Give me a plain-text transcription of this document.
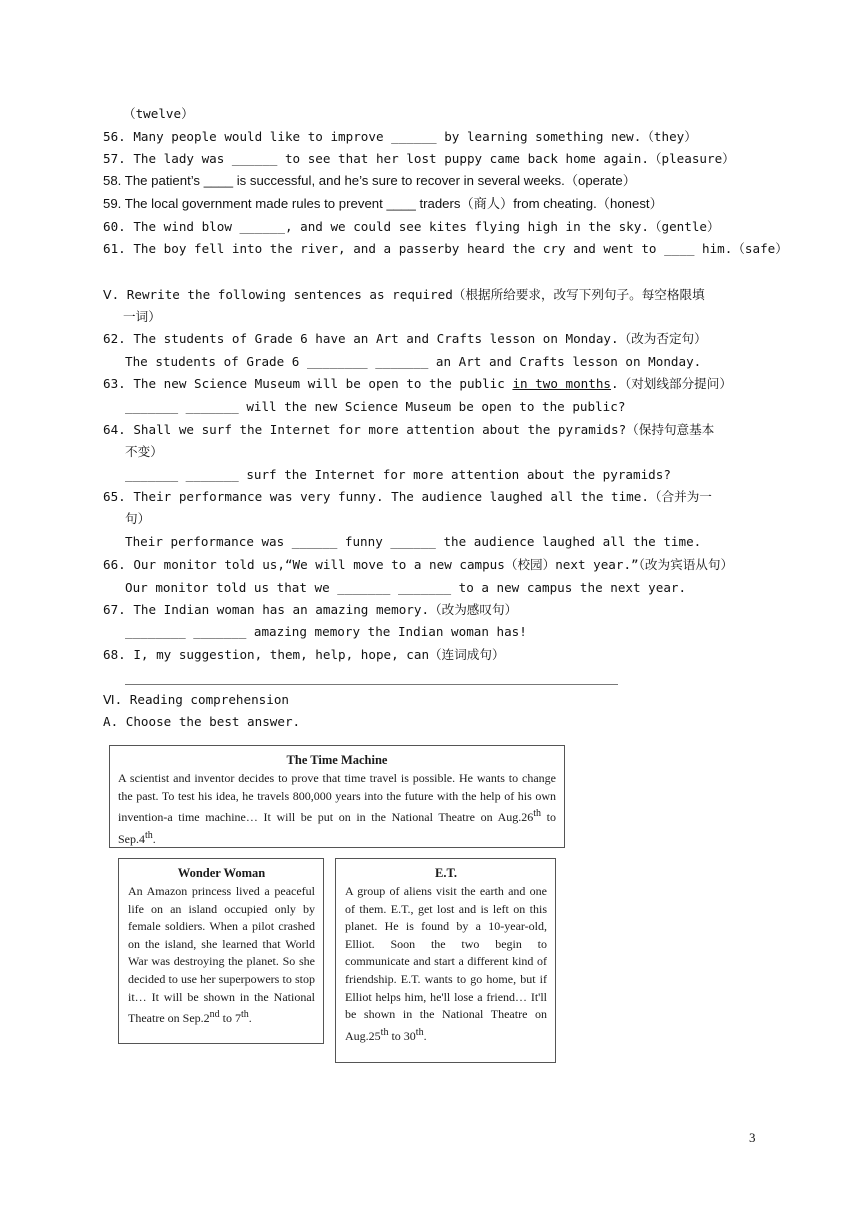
（twelve）
56. Many people would like to improve ______ by learning something new.（they）
57. The lady was ______ to see that her lost puppy came back home again.（pleasure）
58. The patient’s ____ is successful, and he’s sure to recover in several weeks.（operate）
59. The local government made rules to prevent ____ traders（商人）from cheating.（honest）
60. The wind blow ______, and we could see kites flying high in the sky.（gentle）
61. The boy fell into the river, and a passerby heard the cry and went to ____ him.（safe）
Ⅴ. Rewrite the following sentences as required（根据所给要求，改写下列句子。每空格限填
一词）
62. The students of Grade 6 have an Art and Crafts lesson on Monday.（改为否定句）
The students of Grade 6 ________ _______ an Art and Crafts lesson on Monday.
63. The new Science Museum will be open to the public in two months.（对划线部分提问）
_______ _______ will the new Science Museum be open to the public?
64. Shall we surf the Internet for more attention about the pyramids?（保持句意基本
不变）
_______ _______ surf the Internet for more attention about the pyramids?
65. Their performance was very funny. The audience laughed all the time.（合并为一
句）
Their performance was ______ funny ______ the audience laughed all the time.
66. Our monitor told us,“We will move to a new campus（校园）next year.”（改为宾语从句）
Our monitor told us that we _______ _______ to a new campus the next year.
67. The Indian woman has an amazing memory.（改为感叹句）
________ _______ amazing memory the Indian woman has!
68. I, my suggestion, them, help, hope, can（连词成句）
Ⅵ. Reading comprehension
A. Choose the best answer.
The Time Machine
A scientist and inventor decides to prove that time travel is possible. He wants to change the past. To test his idea, he travels 800,000 years into the future with the help of his own invention-a time machine… It will be put on in the National Theatre on Aug.26th to Sep.4th.
Wonder Woman
An Amazon princess lived a peaceful life on an island occupied only by female soldiers. When a pilot crashed on the island, she learned that World War was destroying the planet. So she decided to use her superpowers to stop it… It will be shown in the National Theatre on Sep.2nd to 7th.
E.T.
A group of aliens visit the earth and one of them. E.T., get lost and is left on this planet. He is found by a 10-year-old, Elliot. Soon the two begin to communicate and start a different kind of friendship. E.T. wants to go home, but if Elliot helps him, he'll lose a friend… It'll be shown in the National Theatre on Aug.25th to 30th.
3
